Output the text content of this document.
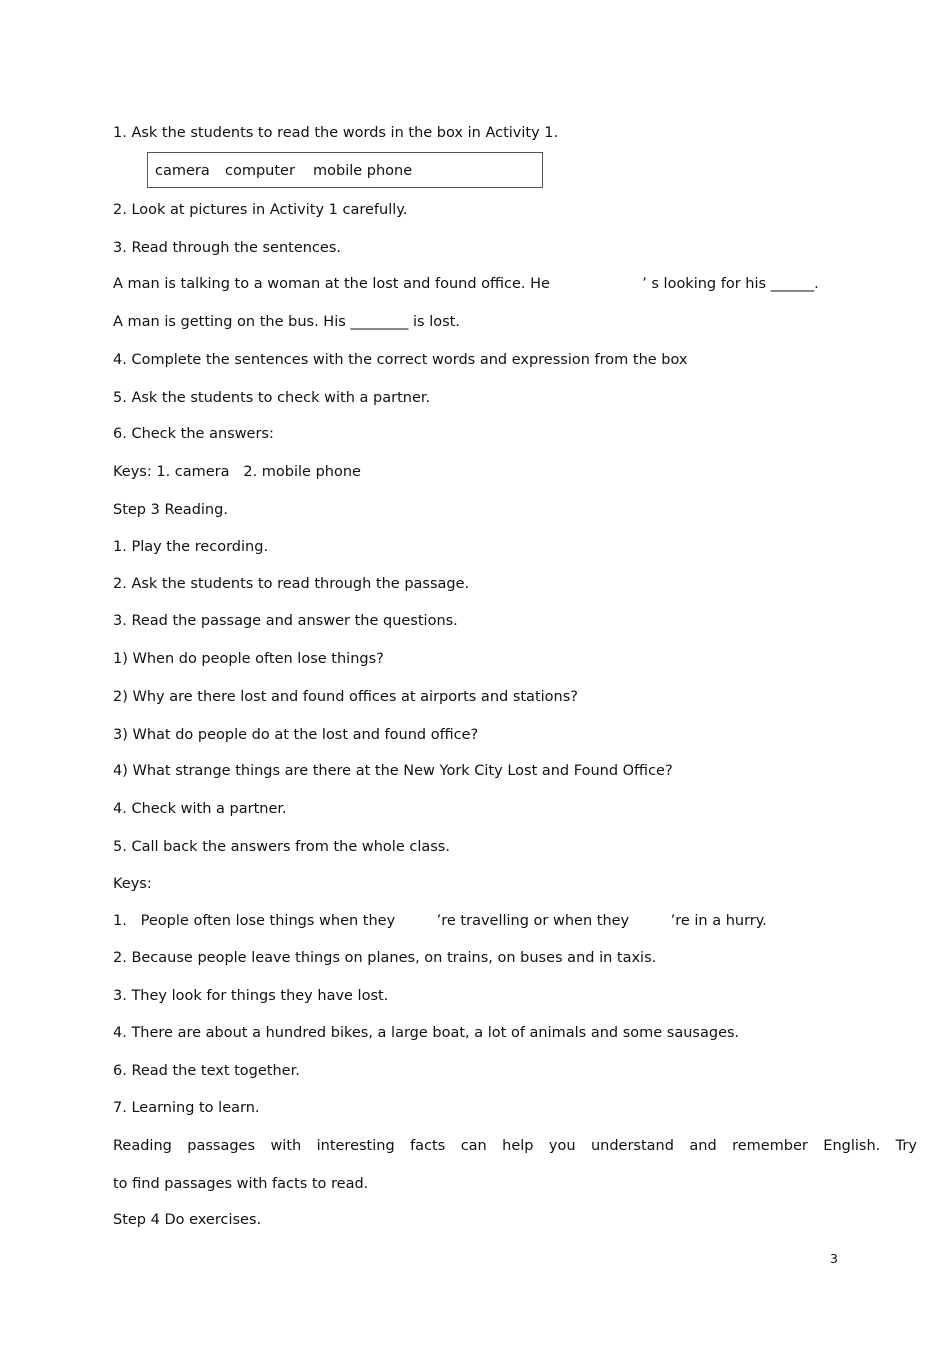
1. Ask the students to read the words in the box in Activity 1.
camera computer mobile phone
2. Look at pictures in Activity 1 carefully.
3. Read through the sentences.
A man is talking to a woman at the lost and found office. He                    ’ s looking for his ______.
A man is getting on the bus. His ________ is lost.
4. Complete the sentences with the correct words and expression from the box
5. Ask the students to check with a partner.
6. Check the answers:
Keys: 1. camera   2. mobile phone
Step 3 Reading.
1. Play the recording.
2. Ask the students to read through the passage.
3. Read the passage and answer the questions.
1) When do people often lose things?
2) Why are there lost and found offices at airports and stations?
3) What do people do at the lost and found office?
4) What strange things are there at the New York City Lost and Found Office?
4. Check with a partner.
5. Call back the answers from the whole class.
Keys:
1.   People often lose things when they         ’re travelling or when they         ’re in a hurry.
2. Because people leave things on planes, on trains, on buses and in taxis.
3. They look for things they have lost.
4. There are about a hundred bikes, a large boat, a lot of animals and some sausages.
6. Read the text together.
7. Learning to learn.
Reading passages with interesting facts can help you understand and remember English. Try
to find passages with facts to read.
Step 4 Do exercises.
3
